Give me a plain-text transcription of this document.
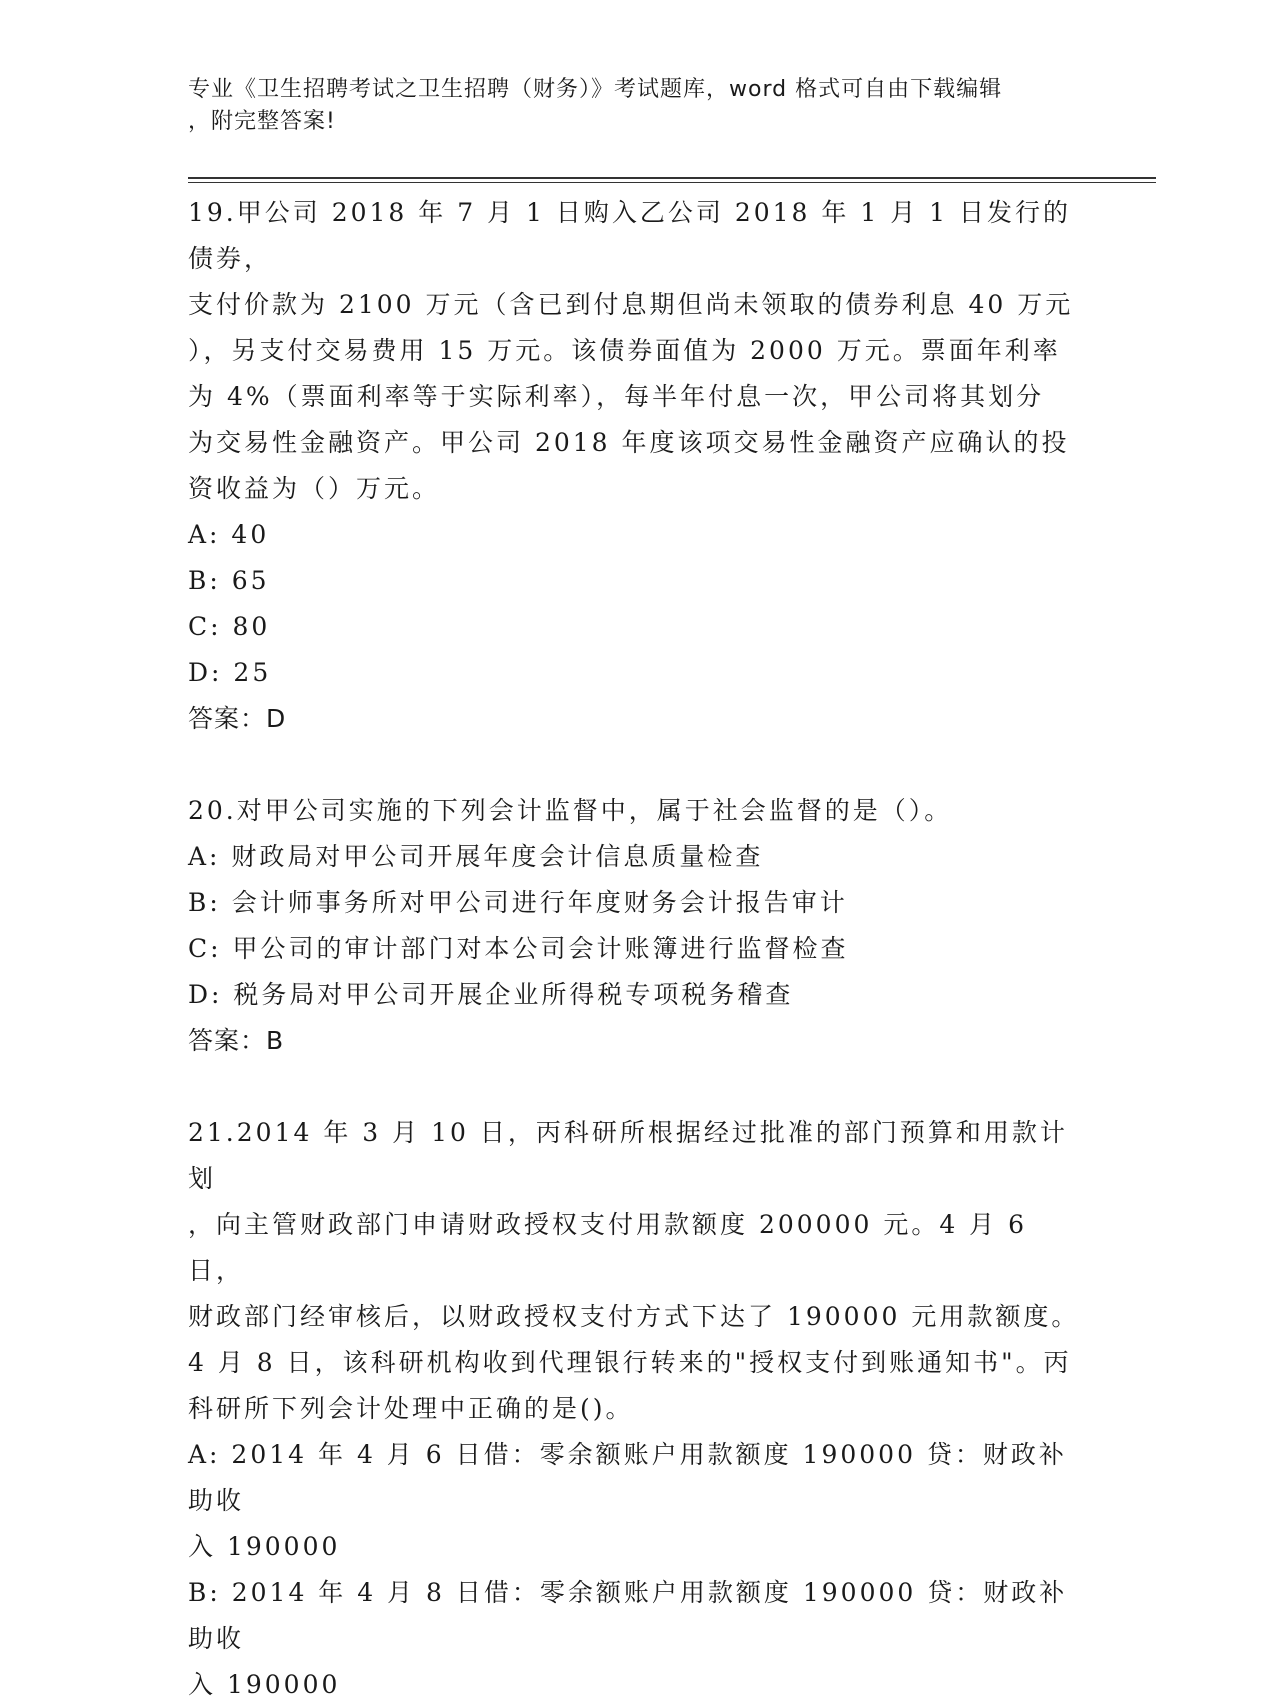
专业《卫生招聘考试之卫生招聘（财务）》考试题库，word 格式可自由下载编辑
，附完整答案!

19.甲公司 2018 年 7 月 1 日购入乙公司 2018 年 1 月 1 日发行的债券，

支付价款为 2100 万元（含已到付息期但尚未领取的债券利息 40 万元

），另支付交易费用 15 万元。该债券面值为 2000 万元。票面年利率

为 4%（票面利率等于实际利率），每半年付息一次，甲公司将其划分

为交易性金融资产。甲公司 2018 年度该项交易性金融资产应确认的投

资收益为（）万元。

A: 40

B: 65

C: 80

D: 25

答案：D

20.对甲公司实施的下列会计监督中，属于社会监督的是（）。

A: 财政局对甲公司开展年度会计信息质量检查

B: 会计师事务所对甲公司进行年度财务会计报告审计

C: 甲公司的审计部门对本公司会计账簿进行监督检查

D: 税务局对甲公司开展企业所得税专项税务稽查

答案：B

21.2014 年 3 月 10 日，丙科研所根据经过批准的部门预算和用款计划

，向主管财政部门申请财政授权支付用款额度 200000 元。4 月 6 日，

财政部门经审核后，以财政授权支付方式下达了 190000 元用款额度。

4 月 8 日，该科研机构收到代理银行转来的"授权支付到账通知书"。丙

科研所下列会计处理中正确的是()。

A: 2014 年 4 月 6 日借：零余额账户用款额度 190000 贷：财政补助收

入 190000

B: 2014 年 4 月 8 日借：零余额账户用款额度 190000 贷：财政补助收

入 190000
